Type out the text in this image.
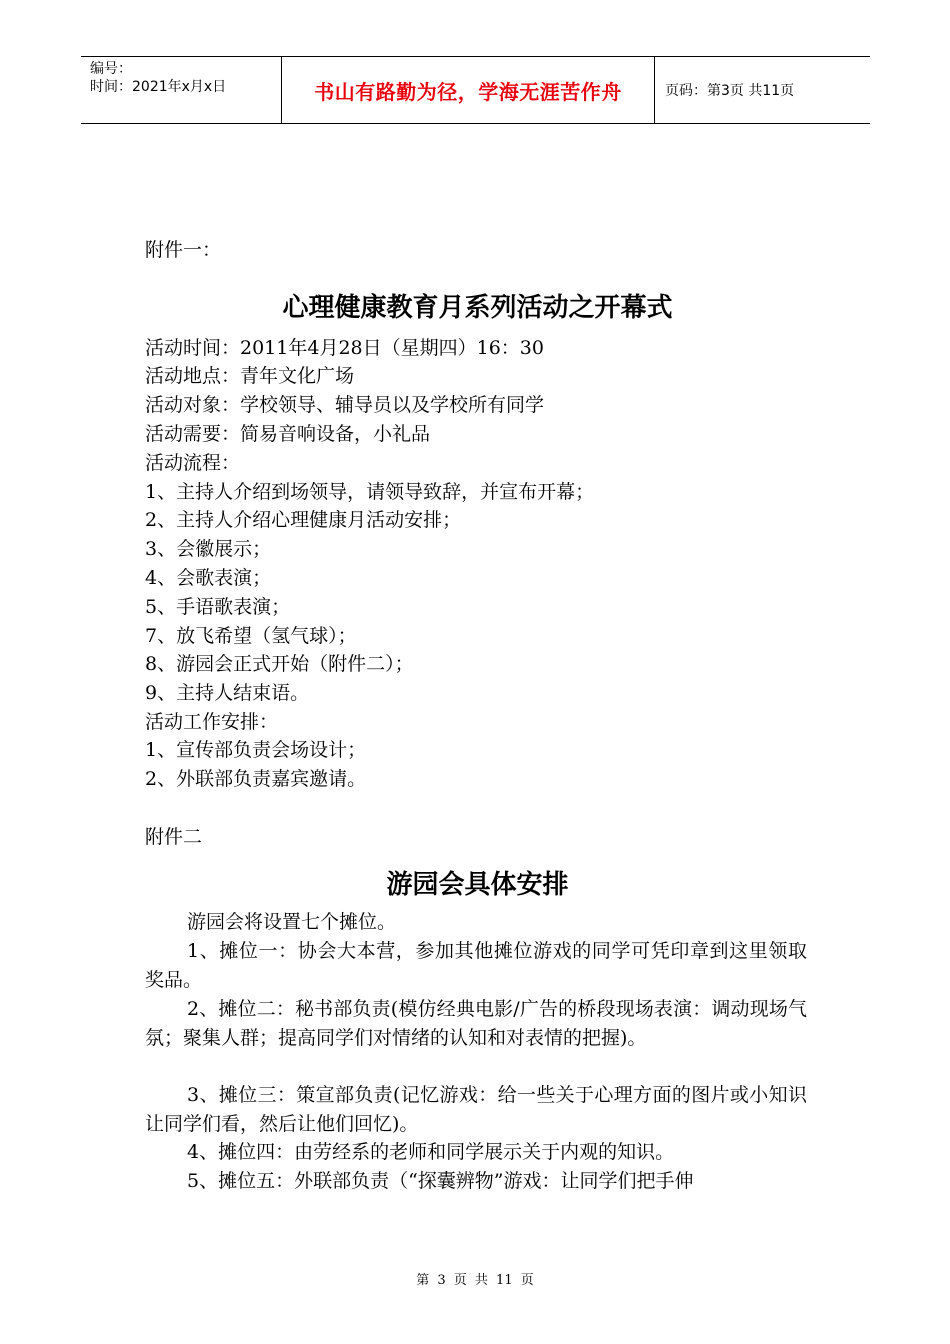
编号：
时间：2021年x月x日	书山有路勤为径，学海无涯苦作舟	页码：第3页 共11页
附件一：
心理健康教育月系列活动之开幕式
活动时间：2011年4月28日（星期四）16：30
活动地点：青年文化广场
活动对象：学校领导、辅导员以及学校所有同学
活动需要：简易音响设备，小礼品
活动流程：
1、主持人介绍到场领导，请领导致辞，并宣布开幕；
2、主持人介绍心理健康月活动安排；
3、会徽展示；
4、会歌表演；
5、手语歌表演；
7、放飞希望（氢气球）；
8、游园会正式开始（附件二）；
9、主持人结束语。
活动工作安排：
1、宣传部负责会场设计；
2、外联部负责嘉宾邀请。
附件二
游园会具体安排
游园会将设置七个摊位。
1、摊位一：协会大本营，参加其他摊位游戏的同学可凭印章到这里领取奖品。
2、摊位二：秘书部负责(模仿经典电影/广告的桥段现场表演：调动现场气氛；聚集人群；提高同学们对情绪的认知和对表情的把握)。
3、摊位三：策宣部负责(记忆游戏：给一些关于心理方面的图片或小知识让同学们看，然后让他们回忆)。
4、摊位四：由劳经系的老师和同学展示关于内观的知识。
5、摊位五：外联部负责（“探囊辨物”游戏：让同学们把手伸
第 3 页 共 11 页
